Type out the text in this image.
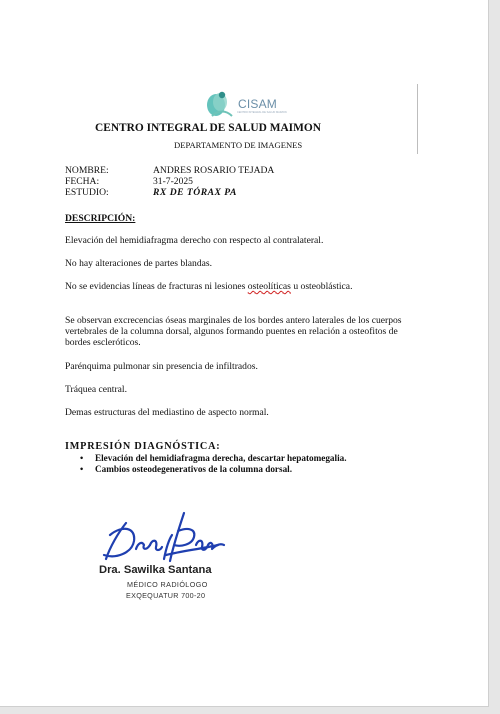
CISAM
CENTRO INTEGRAL DE SALUD MAIMON
CENTRO INTEGRAL DE SALUD MAIMON
DEPARTAMENTO DE IMAGENES
NOMBRE:	ANDRES ROSARIO TEJADA
FECHA:	31-7-2025
ESTUDIO:	RX DE TÓRAX PA
DESCRIPCIÓN:
Elevación del hemidiafragma derecho con respecto al contralateral.
No hay alteraciones de partes blandas.
No se evidencias líneas de fracturas ni lesiones osteolíticas u osteoblástica.
Se observan excrecencias óseas marginales de los bordes antero laterales de los cuerpos vertebrales de la columna dorsal, algunos formando puentes en relación a osteofitos de bordes escleróticos.
Parénquima pulmonar sin presencia de infiltrados.
Tráquea central.
Demas estructuras del mediastino de aspecto normal.
IMPRESIÓN DIAGNÓSTICA:
• Elevación del hemidiafragma derecha, descartar hepatomegalia.
• Cambios osteodegenerativos de la columna dorsal.
Dra. Sawilka Santana
MÉDICO RADIÓLOGO
EXQEQUATUR 700-20
